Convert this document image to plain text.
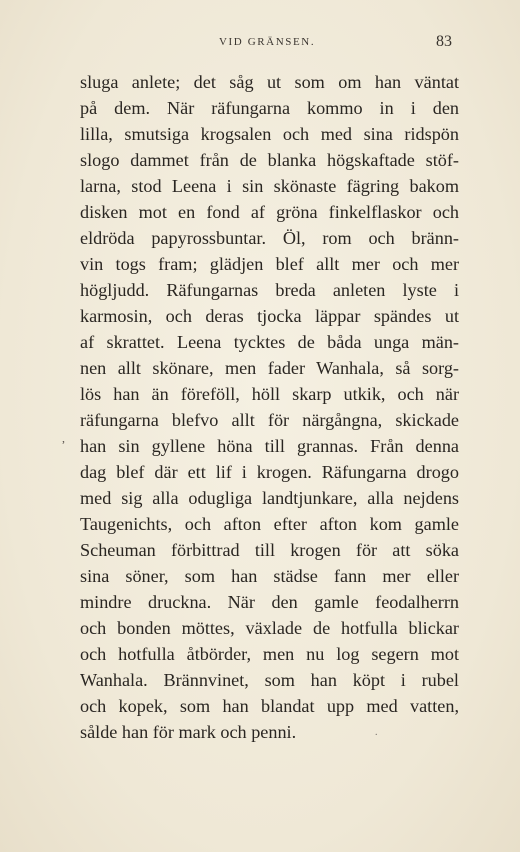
VID GRÄNSEN.	83
sluga anlete; det såg ut som om han väntat
på dem. När räfungarna kommo in i den
lilla, smutsiga krogsalen och med sina ridspön
slogo dammet från de blanka högskaftade stöf-
larna, stod Leena i sin skönaste fägring bakom
disken mot en fond af gröna finkelflaskor och
eldröda papyrossbuntar. Öl, rom och bränn-
vin togs fram; glädjen blef allt mer och mer
högljudd. Räfungarnas breda anleten lyste i
karmosin, och deras tjocka läppar spändes ut
af skrattet. Leena tycktes de båda unga män-
nen allt skönare, men fader Wanhala, så sorg-
lös han än föreföll, höll skarp utkik, och när
räfungarna blefvo allt för närgångna, skickade
han sin gyllene höna till grannas. Från denna
dag blef där ett lif i krogen. Räfungarna drogo
med sig alla odugliga landtjunkare, alla nejdens
Taugenichts, och afton efter afton kom gamle
Scheuman förbittrad till krogen för att söka
sina söner, som han städse fann mer eller
mindre druckna. När den gamle feodalherrn
och bonden möttes, växlade de hotfulla blickar
och hotfulla åtbörder, men nu log segern mot
Wanhala. Brännvinet, som han köpt i rubel
och kopek, som han blandat upp med vatten,
sålde han för mark och penni.
,
.
